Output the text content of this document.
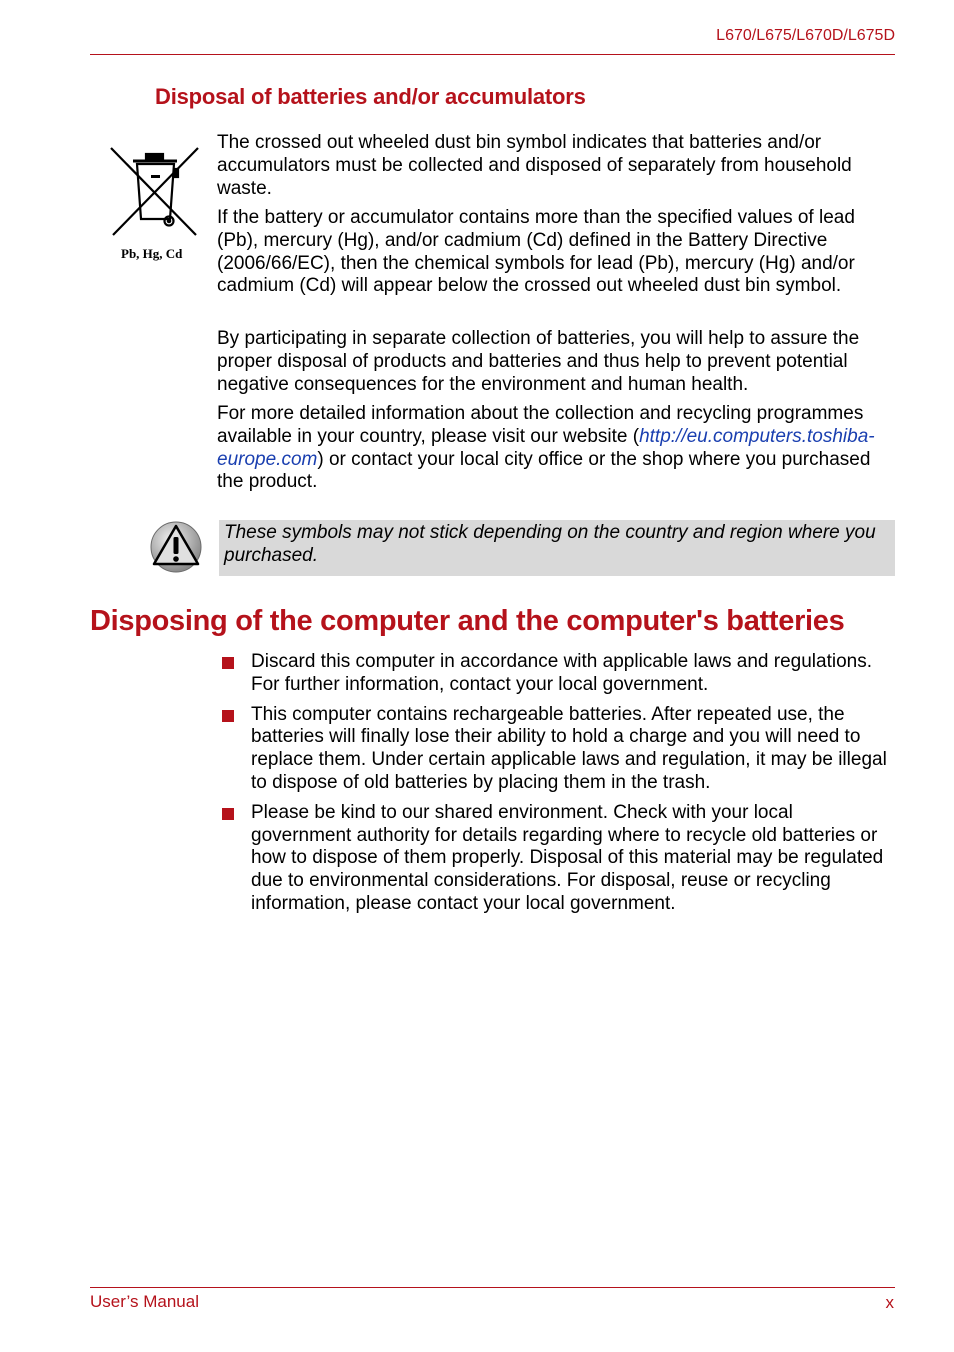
L670/L675/L670D/L675D
Disposal of batteries and/or accumulators
Pb, Hg, Cd

The crossed out wheeled dust bin symbol indicates that batteries and/or accumulators must be collected and disposed of separately from household waste.

If the battery or accumulator contains more than the specified values of lead (Pb), mercury (Hg), and/or cadmium (Cd) defined in the Battery Directive (2006/66/EC), then the chemical symbols for lead (Pb), mercury (Hg) and/or cadmium (Cd) will appear below the crossed out wheeled dust bin symbol.

By participating in separate collection of batteries, you will help to assure the proper disposal of products and batteries and thus help to prevent potential negative consequences for the environment and human health.

For more detailed information about the collection and recycling programmes available in your country, please visit our website (http://eu.computers.toshiba-europe.com) or contact your local city office or the shop where you purchased the product.

These symbols may not stick depending on the country and region where you purchased.
Disposing of the computer and the computer's batteries
Discard this computer in accordance with applicable laws and regulations. For further information, contact your local government.
This computer contains rechargeable batteries. After repeated use, the batteries will finally lose their ability to hold a charge and you will need to replace them. Under certain applicable laws and regulation, it may be illegal to dispose of old batteries by placing them in the trash.
Please be kind to our shared environment. Check with your local government authority for details regarding where to recycle old batteries or how to dispose of them properly. Disposal of this material may be regulated due to environmental considerations. For disposal, reuse or recycling information, please contact your local government.
User’s Manual	x
